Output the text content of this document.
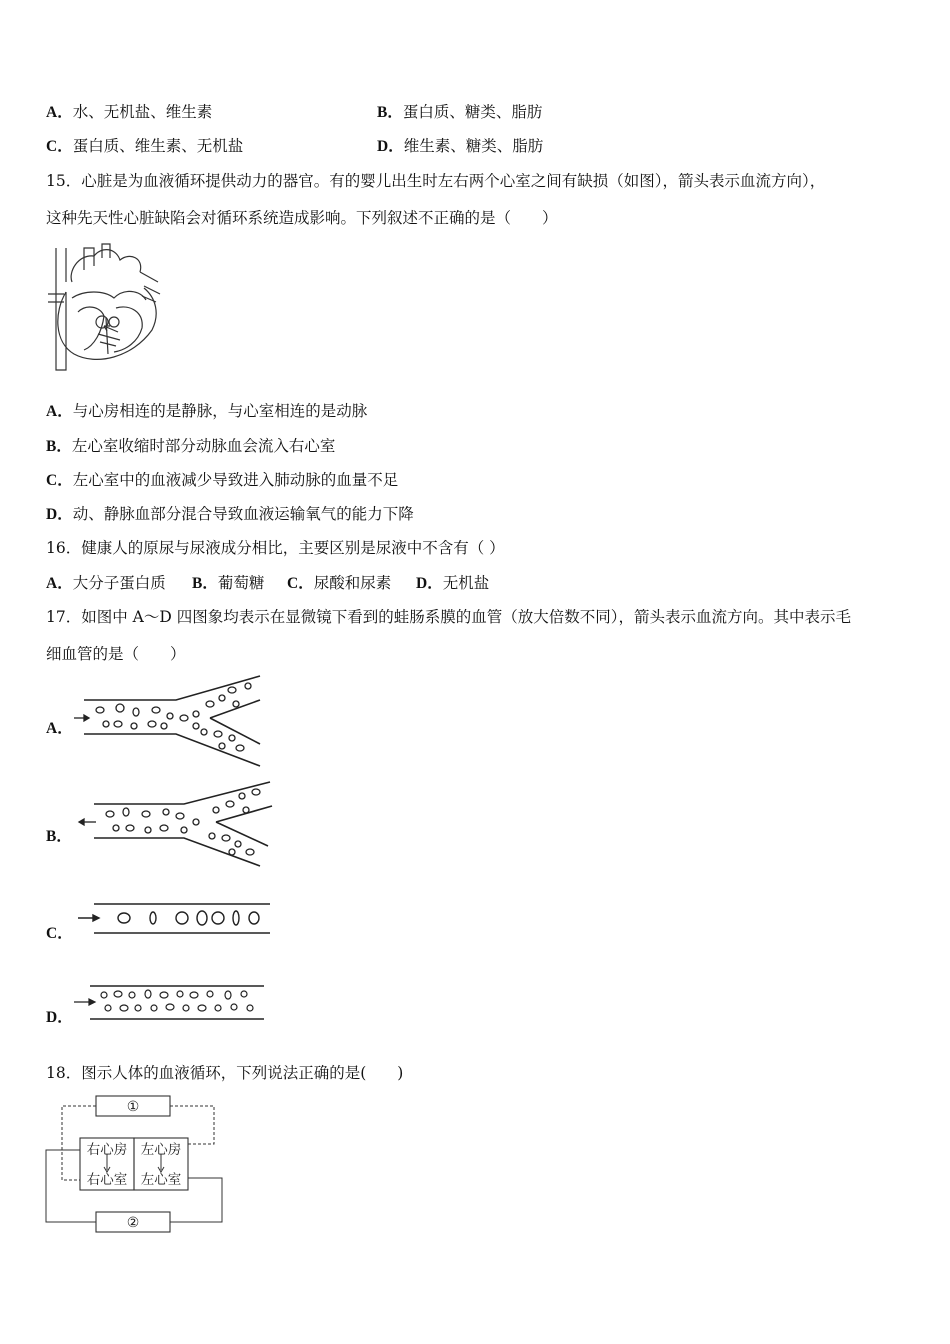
A．水、无机盐、维生素	B．蛋白质、糖类、脂肪
C．蛋白质、维生素、无机盐	D．维生素、糖类、脂肪
15．心脏是为血液循环提供动力的器官。有的婴儿出生时左右两个心室之间有缺损（如图），箭头表示血流方向），
这种先天性心脏缺陷会对循环系统造成影响。下列叙述不正确的是（　　）
A．与心房相连的是静脉，与心室相连的是动脉
B．左心室收缩时部分动脉血会流入右心室
C．左心室中的血液减少导致进入肺动脉的血量不足
D．动、静脉血部分混合导致血液运输氧气的能力下降
16．健康人的原尿与尿液成分相比，主要区别是尿液中不含有（ ）
A．大分子蛋白质 B．葡萄糖 C．尿酸和尿素 D．无机盐
17．如图中 A～D 四图象均表示在显微镜下看到的蛙肠系膜的血管（放大倍数不同），箭头表示血流方向。其中表示毛
细血管的是（　　）
A．
B．
C．
D．
18．图示人体的血液循环，下列说法正确的是(　　)
①
②
右心房 左心房
右心室 左心室
